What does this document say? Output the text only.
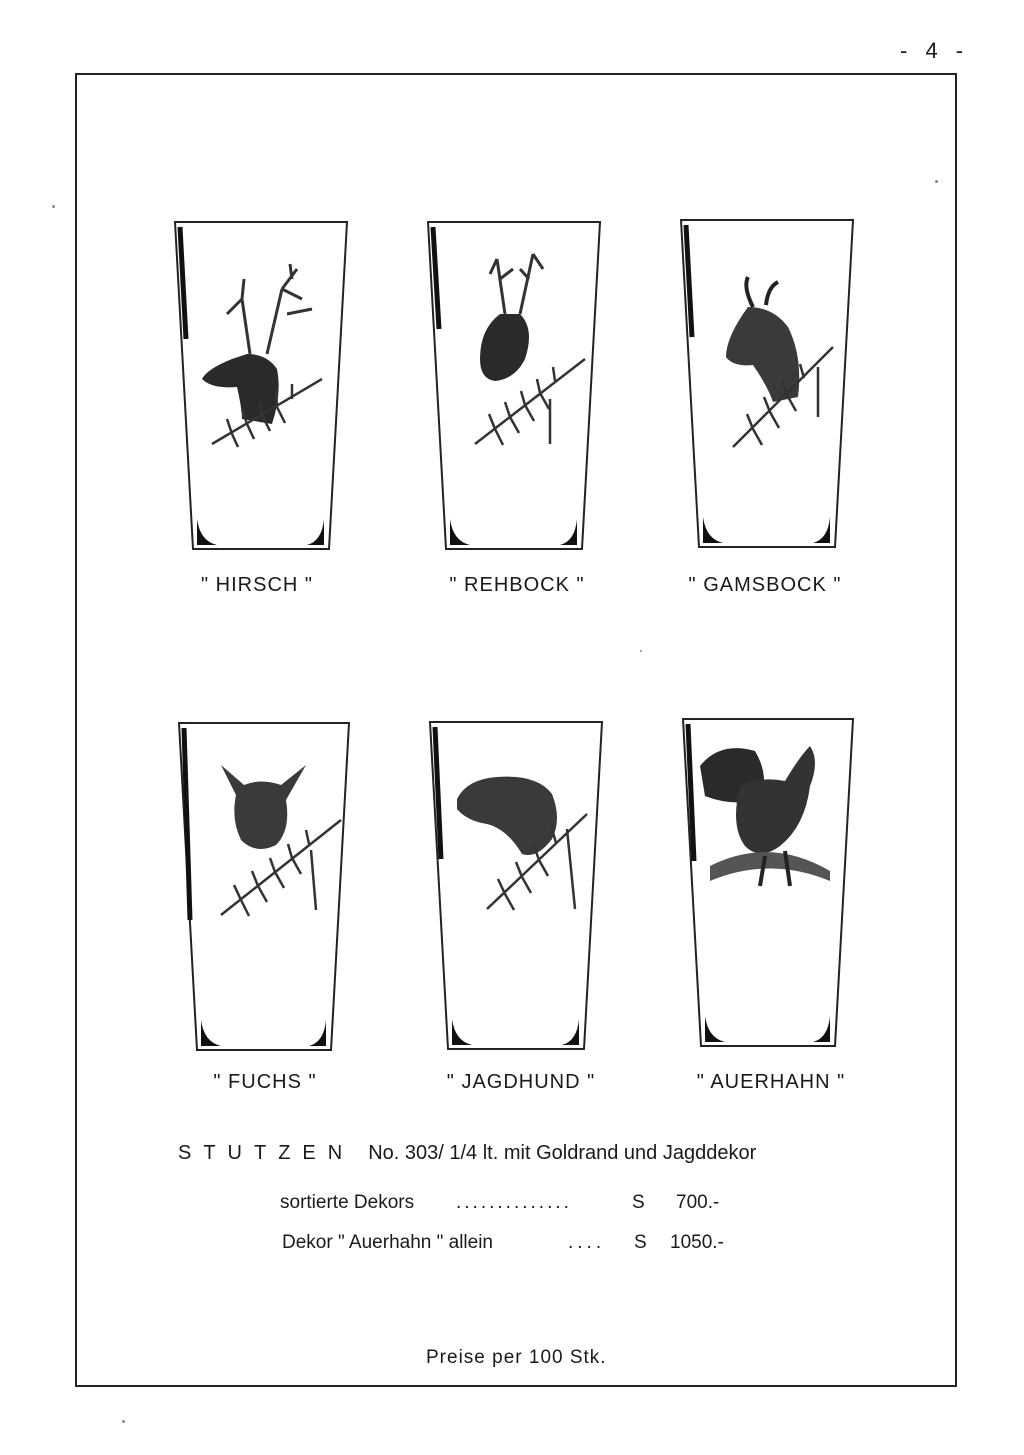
- 4 -
" HIRSCH "	" REHBOCK "	" GAMSBOCK "
" FUCHS "	" JAGDHUND "	" AUERHAHN "
STUTZEN No. 303/ 1/4 lt. mit Goldrand und Jagddekor
sortierte Dekors ..............	S 700.-
Dekor " Auerhahn " allein	.... S 1050.-
Preise per 100 Stk.
